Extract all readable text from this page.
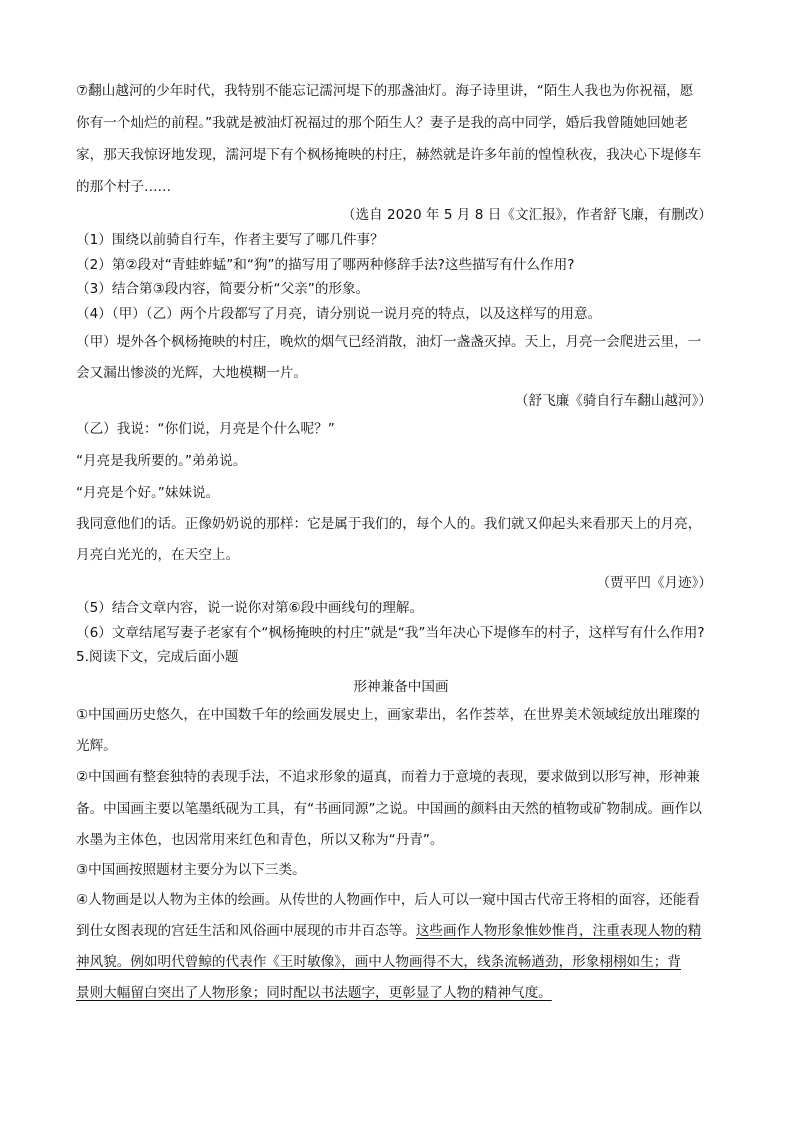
⑦翻山越河的少年时代，我特别不能忘记濡河堤下的那盏油灯。海子诗里讲，“陌生人我也为你祝福，愿
你有一个灿烂的前程。”我就是被油灯祝福过的那个陌生人？妻子是我的高中同学，婚后我曾随她回她老
家，那天我惊讶地发现，濡河堤下有个枫杨掩映的村庄，赫然就是许多年前的惶惶秋夜，我决心下堤修车
的那个村子……
（选自 2020 年 5 月 8 日《文汇报》，作者舒飞廉，有删改）
（1）围绕以前骑自行车，作者主要写了哪几件事？
（2）第②段对“青蛙蚱蜢”和“狗”的描写用了哪两种修辞手法?这些描写有什么作用?
（3）结合第③段内容，简要分析“父亲”的形象。
（4）（甲）（乙）两个片段都写了月亮，请分别说一说月亮的特点，以及这样写的用意。
（甲）堤外各个枫杨掩映的村庄，晚炊的烟气已经消散，油灯一盏盏灭掉。天上，月亮一会爬进云里，一
会又漏出惨淡的光辉，大地模糊一片。
（舒飞廉《骑自行车翻山越河》）
（乙）我说：“你们说，月亮是个什么呢？”
“月亮是我所要的。”弟弟说。
“月亮是个好。”妹妹说。
我同意他们的话。正像奶奶说的那样：它是属于我们的，每个人的。我们就又仰起头来看那天上的月亮，
月亮白光光的，在天空上。
（贾平凹《月迹》）
（5）结合文章内容，说一说你对第⑥段中画线句的理解。
（6）文章结尾写妻子老家有个“枫杨掩映的村庄”就是“我”当年决心下堤修车的村子，这样写有什么作用?
5.阅读下文，完成后面小题
形神兼备中国画
①中国画历史悠久，在中国数千年的绘画发展史上，画家辈出，名作荟萃，在世界美术领域绽放出璀璨的
光辉。
②中国画有整套独特的表现手法，不追求形象的逼真，而着力于意境的表现，要求做到以形写神，形神兼
备。中国画主要以笔墨纸砚为工具，有“书画同源”之说。中国画的颜料由天然的植物或矿物制成。画作以
水墨为主体色，也因常用来红色和青色，所以又称为“丹青”。
③中国画按照题材主要分为以下三类。
④人物画是以人物为主体的绘画。从传世的人物画作中，后人可以一窥中国古代帝王将相的面容，还能看
到仕女图表现的宫廷生活和风俗画中展现的市井百态等。这些画作人物形象惟妙惟肖，注重表现人物的精
神风貌。例如明代曾鲸的代表作《王时敏像》，画中人物画得不大，线条流畅遒劲，形象栩栩如生；背
景则大幅留白突出了人物形象；同时配以书法题字，更彰显了人物的精神气度。
